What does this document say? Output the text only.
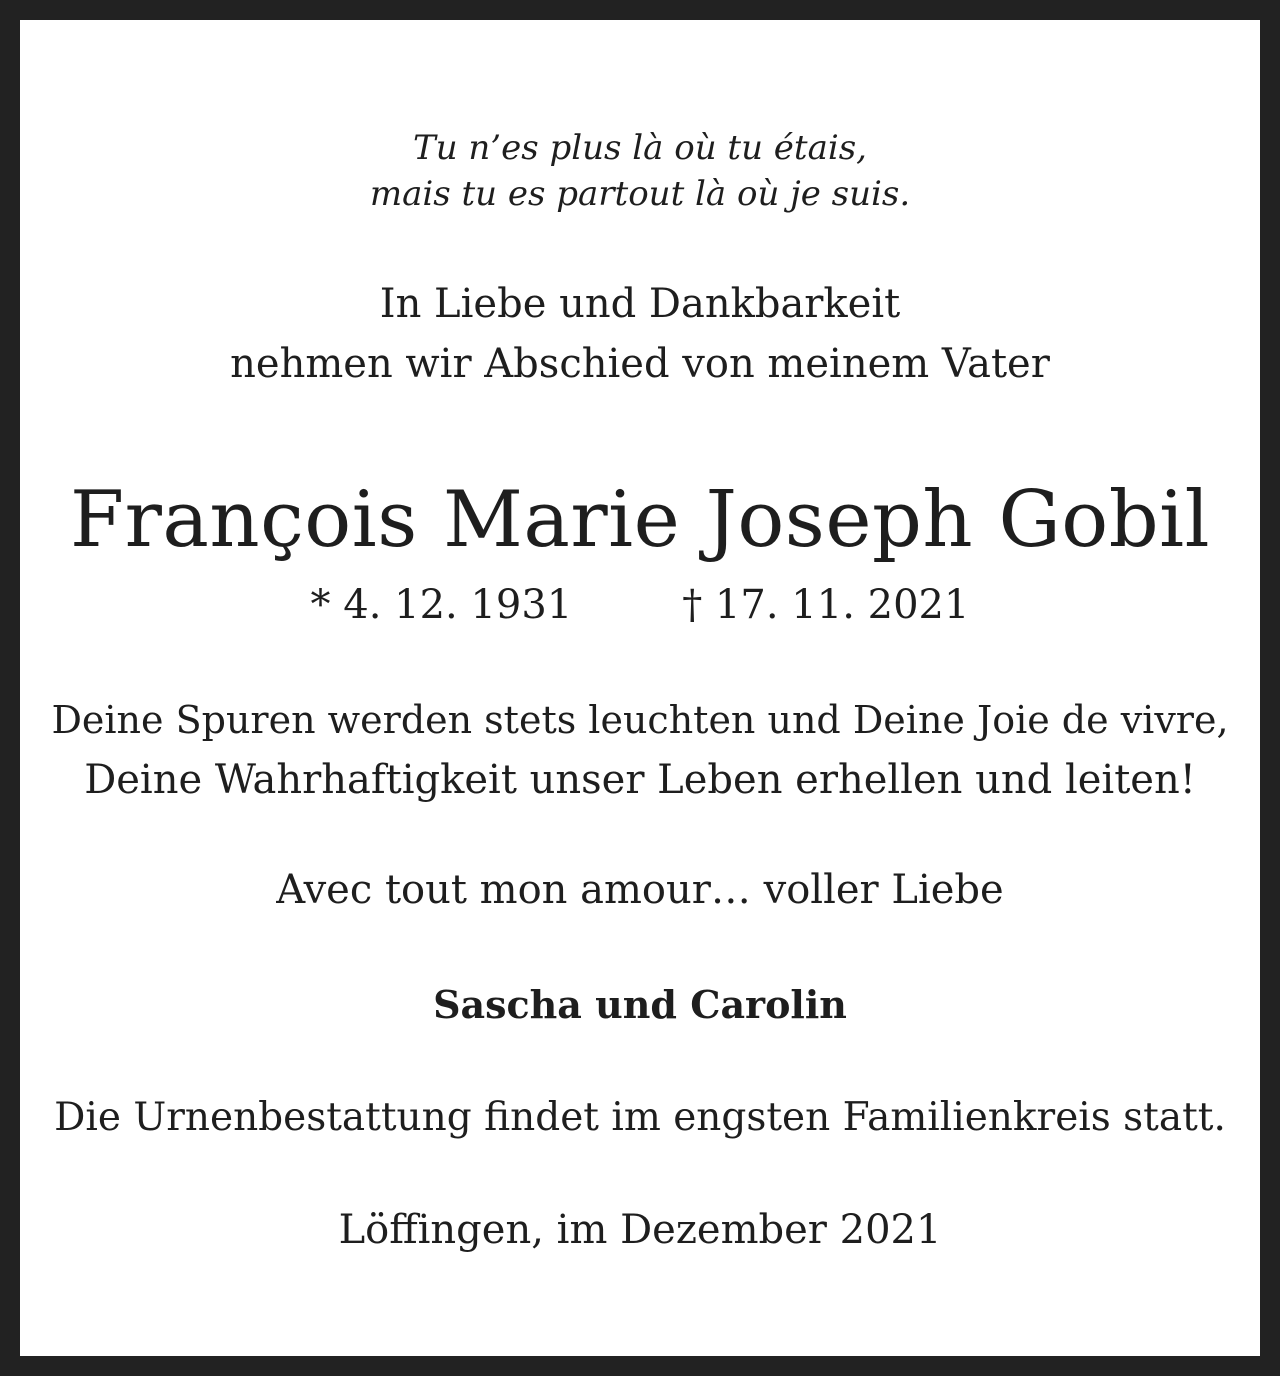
Tu n’es plus là où tu étais,
mais tu es partout là où je suis.
In Liebe und Dankbarkeit
nehmen wir Abschied von meinem Vater
François Marie Joseph Gobil
* 4. 12. 1931	† 17. 11. 2021
Deine Spuren werden stets leuchten und Deine Joie de vivre,
Deine Wahrhaftigkeit unser Leben erhellen und leiten!
Avec tout mon amour… voller Liebe
Sascha und Carolin
Die Urnenbestattung findet im engsten Familienkreis statt.
Löffingen, im Dezember 2021
